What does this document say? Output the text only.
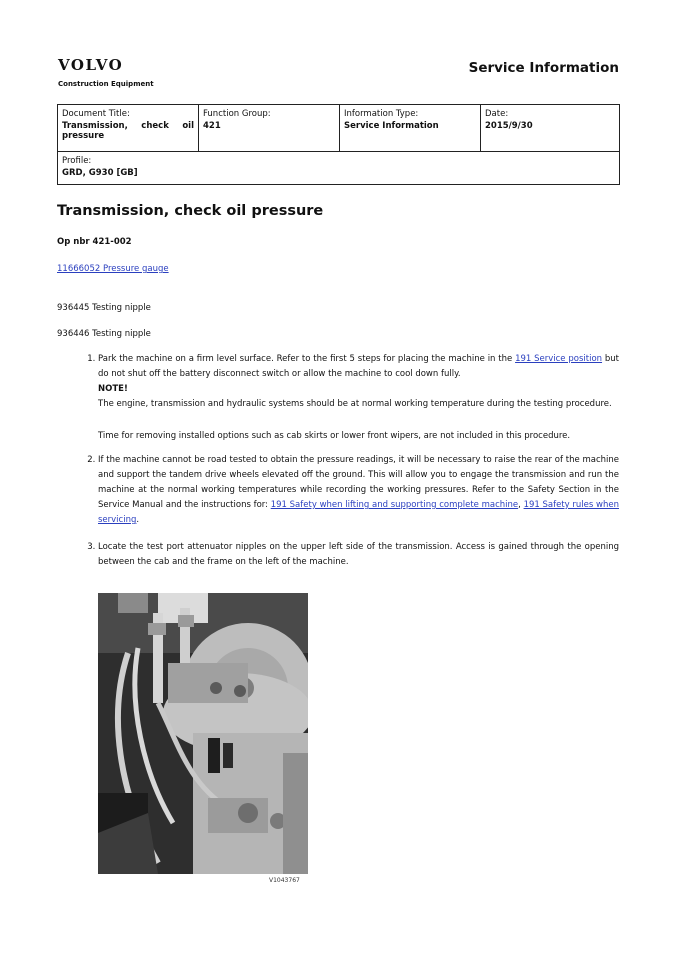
VOLVO
Construction Equipment
Service Information
Document Title:
Transmission, check oil pressure

Function Group:
421

Information Type:
Service Information

Date:
2015/9/30

Profile:
GRD, G930 [GB]
Transmission, check oil pressure
Op nbr 421-002
11666052 Pressure gauge
936445 Testing nipple
936446 Testing nipple
1. Park the machine on a firm level surface. Refer to the first 5 steps for placing the machine in the 191 Service position but do not shut off the battery disconnect switch or allow the machine to cool down fully.
NOTE!
The engine, transmission and hydraulic systems should be at normal working temperature during the testing procedure.
Time for removing installed options such as cab skirts or lower front wipers, are not included in this procedure.
2. If the machine cannot be road tested to obtain the pressure readings, it will be necessary to raise the rear of the machine and support the tandem drive wheels elevated off the ground. This will allow you to engage the transmission and run the machine at the normal working temperatures while recording the working pressures. Refer to the Safety Section in the Service Manual and the instructions for: 191 Safety when lifting and supporting complete machine, 191 Safety rules when servicing.
3. Locate the test port attenuator nipples on the upper left side of the transmission. Access is gained through the opening between the cab and the frame on the left of the machine.
V1043767
